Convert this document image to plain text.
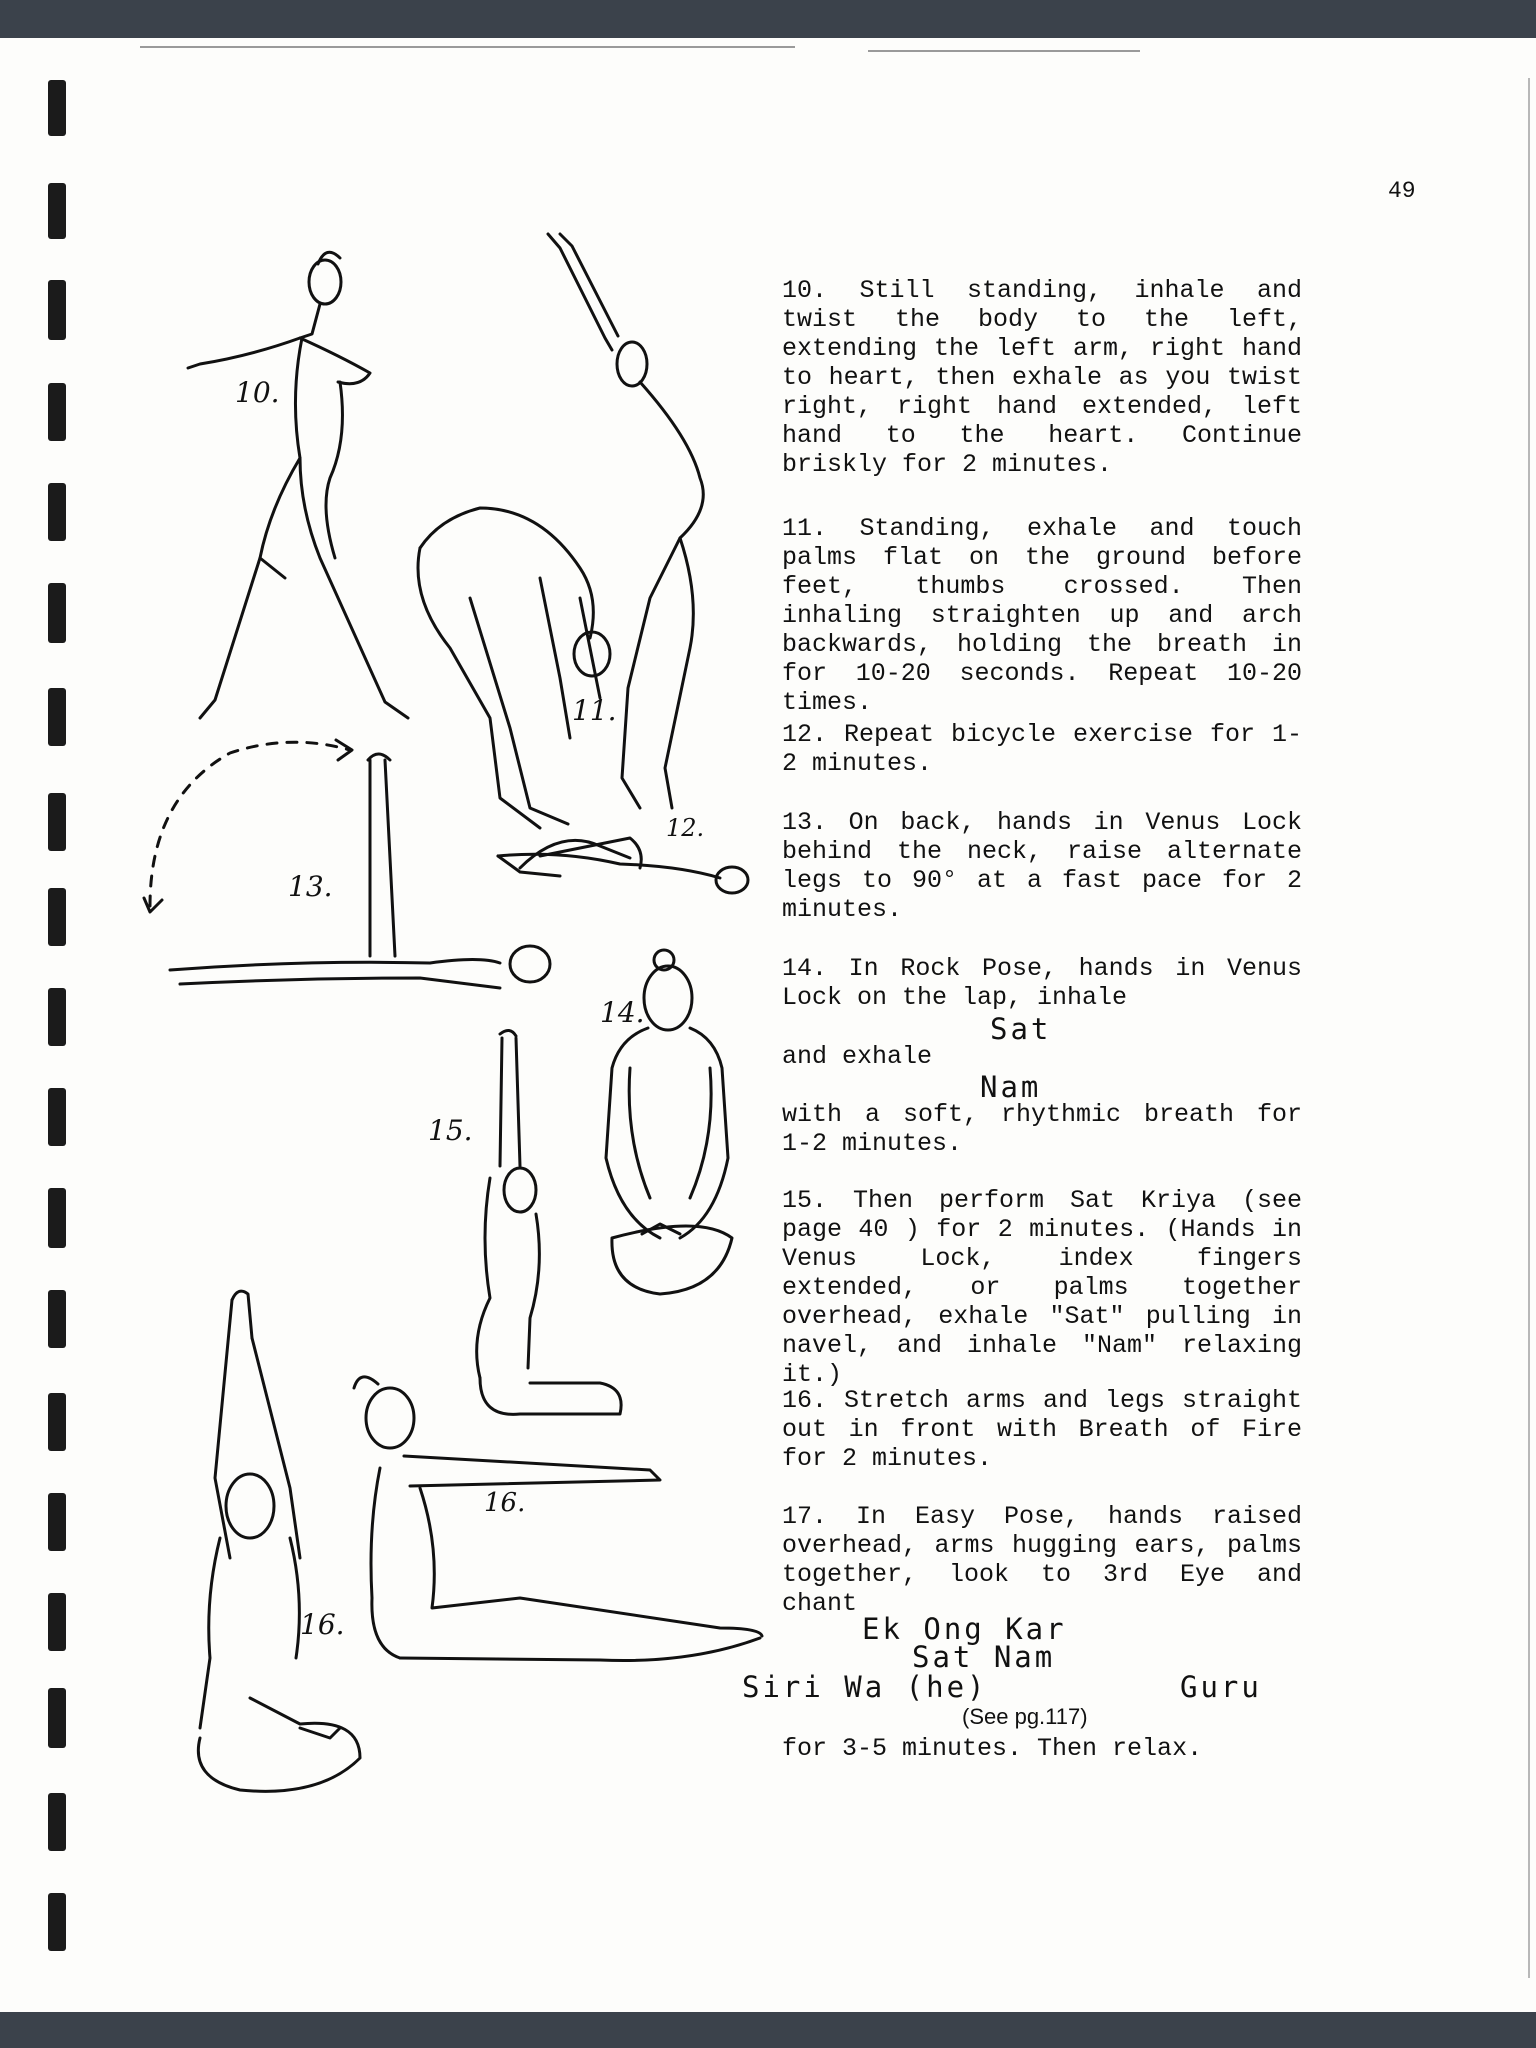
49
10.
11.
12.
13.
14.
15.
16.
16.

10. Still standing, inhale and twist the body to the left, extending the left arm, right hand to heart, then exhale as you twist right, right hand extended, left hand to the heart. Continue briskly for 2 minutes.

11. Standing, exhale and touch palms flat on the ground before feet, thumbs crossed. Then inhaling straighten up and arch backwards, holding the breath in for 10-20 seconds. Repeat 10-20 times.

12. Repeat bicycle exercise for 1-2 minutes.

13. On back, hands in Venus Lock behind the neck, raise alternate legs to 90° at a fast pace for 2 minutes.

14. In Rock Pose, hands in Venus Lock on the lap, inhale

Sat

and exhale

Nam

with a soft, rhythmic breath for 1-2 minutes.

15. Then perform Sat Kriya (see page 40 ) for 2 minutes. (Hands in Venus Lock, index fingers extended, or palms together overhead, exhale "Sat" pulling in navel, and inhale "Nam" relaxing it.)

16. Stretch arms and legs straight out in front with Breath of Fire for 2 minutes.

17. In Easy Pose, hands raised overhead, arms hugging ears, palms together, look to 3rd Eye and chant

Ek Ong Kar
Sat Nam
Siri Wa (he)	Guru
(See pg.117)

for 3-5 minutes. Then relax.
